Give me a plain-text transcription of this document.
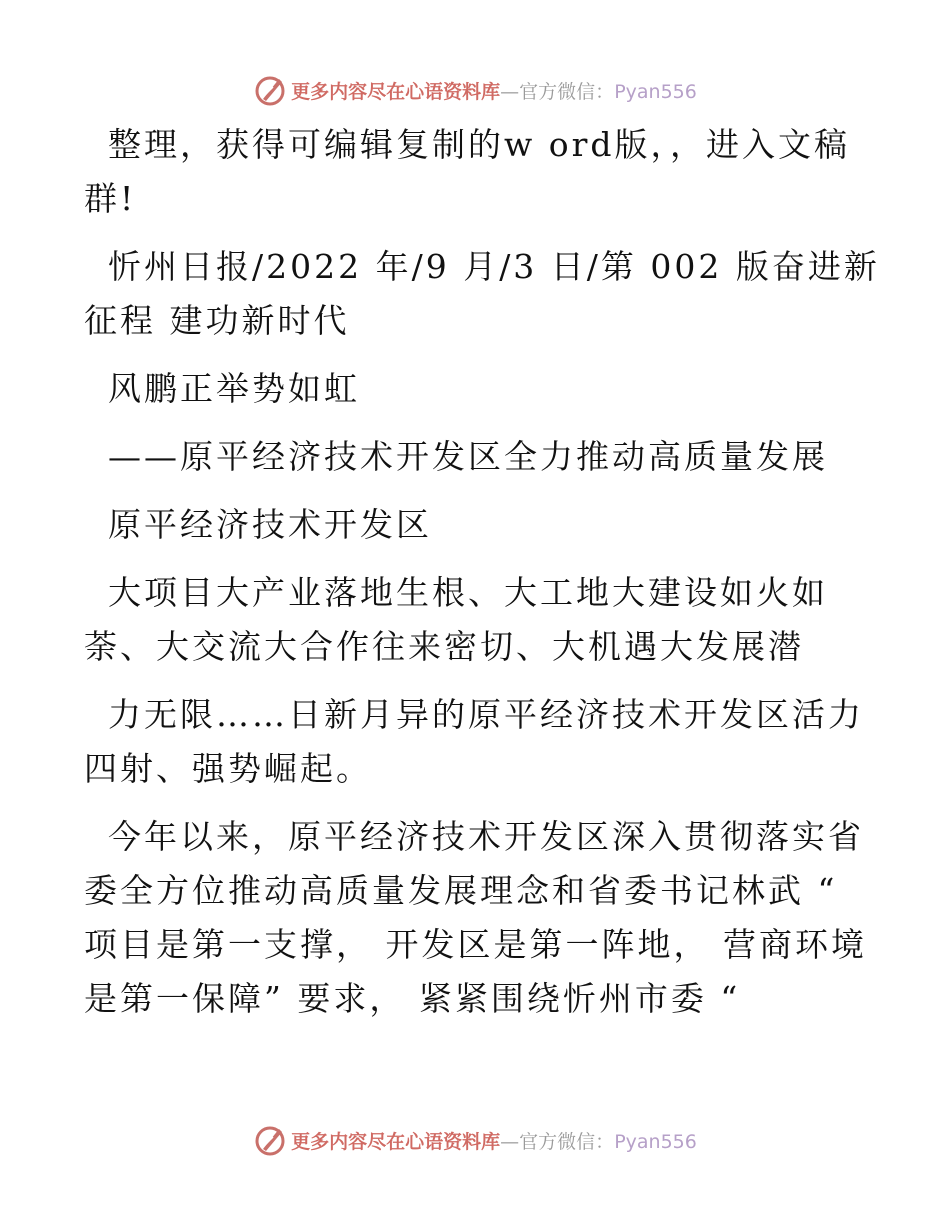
更多内容尽在心语资料库—官方微信：Pyan556
整理，获得可编辑复制的w ord版，，进入文稿
群!
忻州日报/2022 年/9 月/3 日/第 002 版奋进新
征程 建功新时代
风鹏正举势如虹
——原平经济技术开发区全力推动高质量发展
原平经济技术开发区
大项目大产业落地生根、大工地大建设如火如
荼、大交流大合作往来密切、大机遇大发展潜
力无限……日新月异的原平经济技术开发区活力
四射、强势崛起。
今年以来，原平经济技术开发区深入贯彻落实省
委全方位推动高质量发展理念和省委书记林武 “
项目是第一支撑， 开发区是第一阵地， 营商环境
是第一保障” 要求， 紧紧围绕忻州市委 “
更多内容尽在心语资料库—官方微信：Pyan556
